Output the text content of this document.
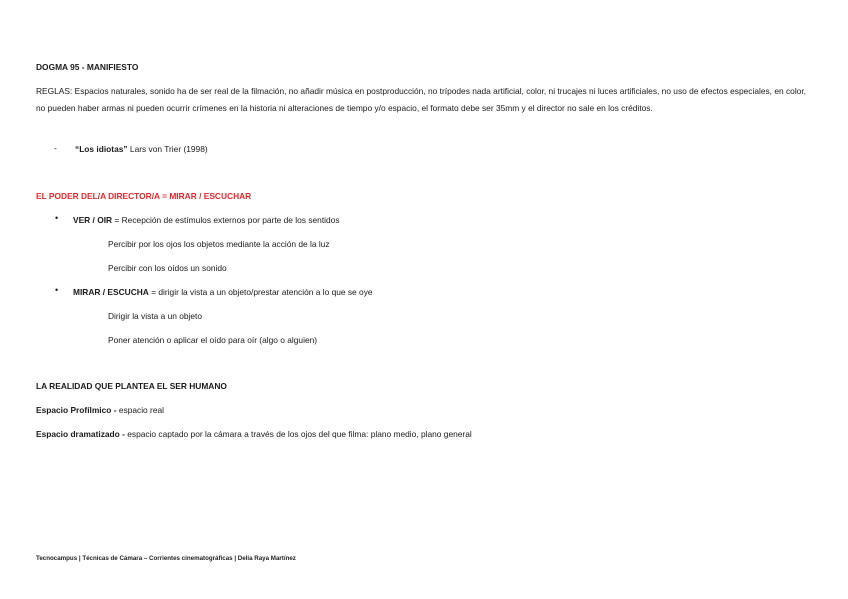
DOGMA 95 - MANIFIESTO
REGLAS: Espacios naturales, sonido ha de ser real de la filmación, no añadir música en postproducción, no trípodes nada artificial, color, ni trucajes ni luces artificiales, no uso de efectos especiales, en color, no pueden haber armas ni pueden ocurrir crímenes en la historia ni alteraciones de tiempo y/o espacio, el formato debe ser 35mm y el director no sale en los créditos.
- “Los idiotas” Lars von Trier (1998)
EL PODER DEL/A DIRECTOR/A = MIRAR / ESCUCHAR
• VER / OIR = Recepción de estímulos externos por parte de los sentidos
Percibir por los ojos los objetos mediante la acción de la luz
Percibir con los oídos un sonido
• MIRAR / ESCUCHA = dirigir la vista a un objeto/prestar atención a lo que se oye
Dirigir la vista a un objeto
Poner atención o aplicar el oído para oír (algo o alguien)
LA REALIDAD QUE PLANTEA EL SER HUMANO
Espacio Profílmico - espacio real
Espacio dramatizado - espacio captado por la cámara a través de los ojos del que filma: plano medio, plano general
Tecnocampus | Técnicas de Cámara – Corrientes cinematográficas | Delia Raya Martínez
